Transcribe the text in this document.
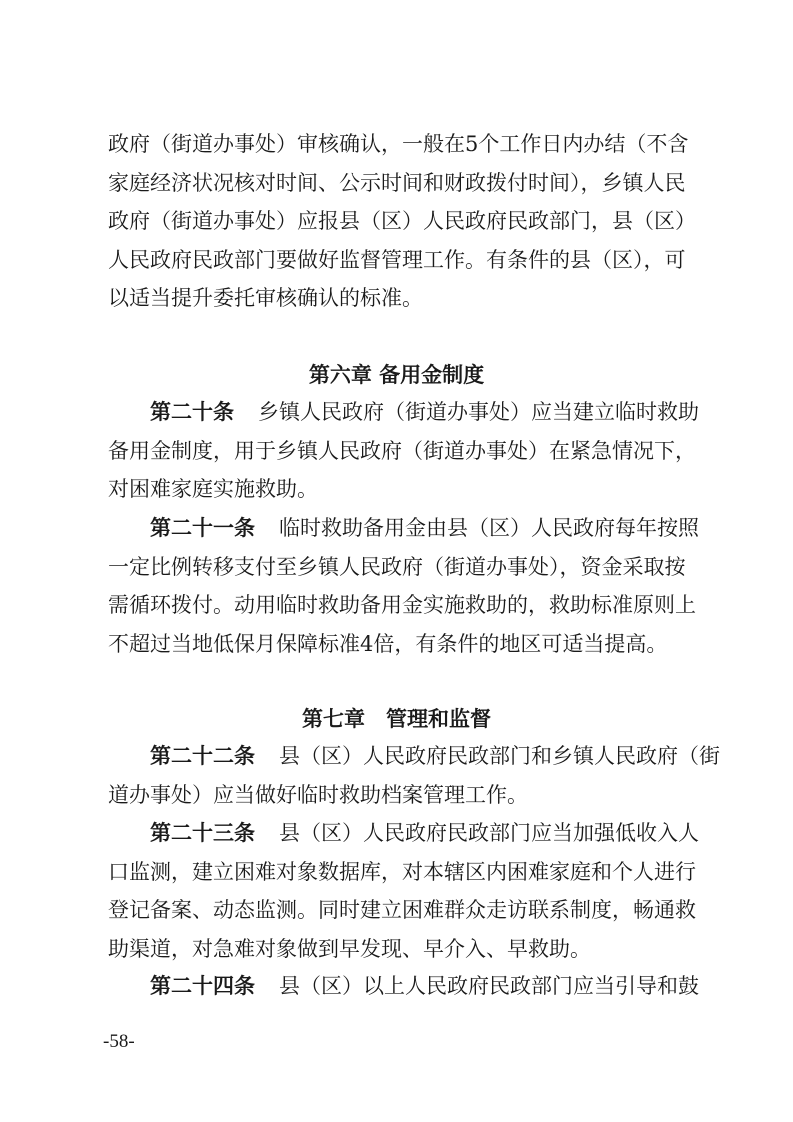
政府（街道办事处）审核确认，一般在5个工作日内办结（不含
家庭经济状况核对时间、公示时间和财政拨付时间），乡镇人民
政府（街道办事处）应报县（区）人民政府民政部门，县（区）
人民政府民政部门要做好监督管理工作。有条件的县（区），可
以适当提升委托审核确认的标准。

第六章 备用金制度

第二十条 乡镇人民政府（街道办事处）应当建立临时救助
备用金制度，用于乡镇人民政府（街道办事处）在紧急情况下，
对困难家庭实施救助。

第二十一条 临时救助备用金由县（区）人民政府每年按照
一定比例转移支付至乡镇人民政府（街道办事处），资金采取按
需循环拨付。动用临时救助备用金实施救助的，救助标准原则上
不超过当地低保月保障标准4倍，有条件的地区可适当提高。

第七章　管理和监督

第二十二条 县（区）人民政府民政部门和乡镇人民政府（街
道办事处）应当做好临时救助档案管理工作。

第二十三条 县（区）人民政府民政部门应当加强低收入人
口监测，建立困难对象数据库，对本辖区内困难家庭和个人进行
登记备案、动态监测。同时建立困难群众走访联系制度，畅通救
助渠道，对急难对象做到早发现、早介入、早救助。

第二十四条 县（区）以上人民政府民政部门应当引导和鼓

-58-
